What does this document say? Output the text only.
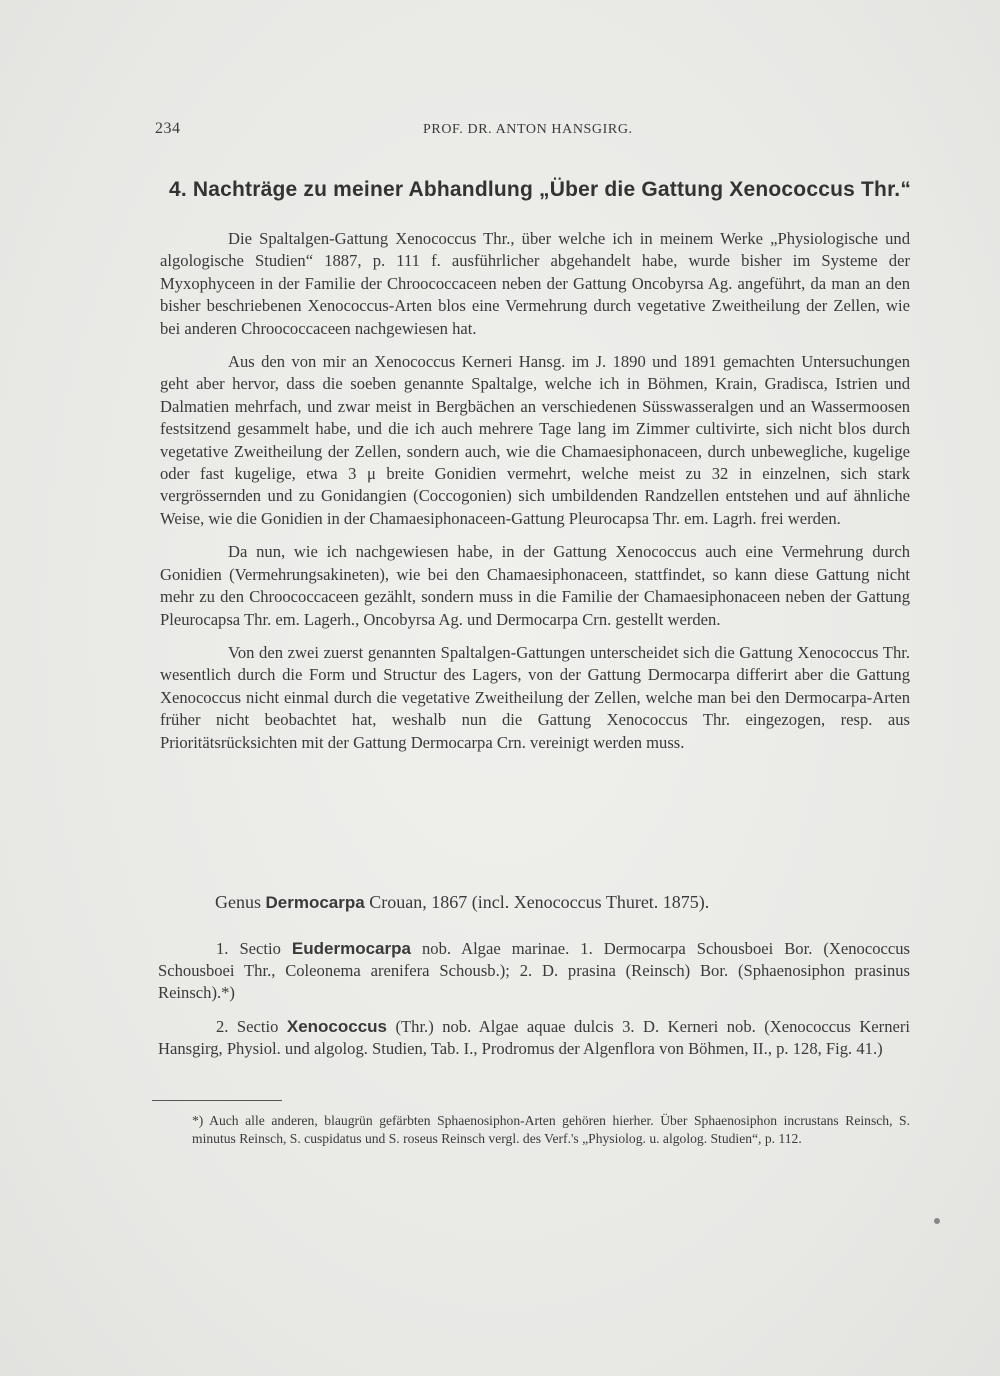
234	PROF. DR. ANTON HANSGIRG.
4. Nachträge zu meiner Abhandlung „Über die Gattung Xenococcus Thr.“

Die Spaltalgen-Gattung Xenococcus Thr., über welche ich in meinem Werke „Physiologische und algologische Studien“ 1887, p. 111 f. ausführlicher abgehandelt habe, wurde bisher im Systeme der Myxophyceen in der Familie der Chroococcaceen neben der Gattung Oncobyrsa Ag. angeführt, da man an den bisher beschriebenen Xenococcus-Arten blos eine Vermehrung durch vegetative Zweitheilung der Zellen, wie bei anderen Chroococcaceen nachgewiesen hat.

Aus den von mir an Xenococcus Kerneri Hansg. im J. 1890 und 1891 gemachten Untersuchungen geht aber hervor, dass die soeben genannte Spaltalge, welche ich in Böhmen, Krain, Gradisca, Istrien und Dalmatien mehrfach, und zwar meist in Bergbächen an verschiedenen Süsswasseralgen und an Wassermoosen festsitzend gesammelt habe, und die ich auch mehrere Tage lang im Zimmer cultivirte, sich nicht blos durch vegetative Zweitheilung der Zellen, sondern auch, wie die Chamaesiphonaceen, durch unbewegliche, kugelige oder fast kugelige, etwa 3 μ breite Gonidien vermehrt, welche meist zu 32 in einzelnen, sich stark vergrössernden und zu Gonidangien (Coccogonien) sich umbildenden Randzellen entstehen und auf ähnliche Weise, wie die Gonidien in der Chamaesiphonaceen-Gattung Pleurocapsa Thr. em. Lagrh. frei werden.

Da nun, wie ich nachgewiesen habe, in der Gattung Xenococcus auch eine Vermehrung durch Gonidien (Vermehrungsakineten), wie bei den Chamaesiphonaceen, stattfindet, so kann diese Gattung nicht mehr zu den Chroococcaceen gezählt, sondern muss in die Familie der Chamaesiphonaceen neben der Gattung Pleurocapsa Thr. em. Lagerh., Oncobyrsa Ag. und Dermocarpa Crn. gestellt werden.

Von den zwei zuerst genannten Spaltalgen-Gattungen unterscheidet sich die Gattung Xenococcus Thr. wesentlich durch die Form und Structur des Lagers, von der Gattung Dermocarpa differirt aber die Gattung Xenococcus nicht einmal durch die vegetative Zweitheilung der Zellen, welche man bei den Dermocarpa-Arten früher nicht beobachtet hat, weshalb nun die Gattung Xenococcus Thr. eingezogen, resp. aus Prioritätsrücksichten mit der Gattung Dermocarpa Crn. vereinigt werden muss.

Genus Dermocarpa Crouan, 1867 (incl. Xenococcus Thuret. 1875).
1. Sectio Eudermocarpa nob. Algae marinae. 1. Dermocarpa Schousboei Bor. (Xenococcus Schousboei Thr., Coleonema arenifera Schousb.); 2. D. prasina (Reinsch) Bor. (Sphaenosiphon prasinus Reinsch).*)
2. Sectio Xenococcus (Thr.) nob. Algae aquae dulcis 3. D. Kerneri nob. (Xenococcus Kerneri Hansgirg, Physiol. und algolog. Studien, Tab. I., Prodromus der Algenflora von Böhmen, II., p. 128, Fig. 41.)
*) Auch alle anderen, blaugrün gefärbten Sphaenosiphon-Arten gehören hierher. Über Sphaenosiphon incrustans Reinsch, S. minutus Reinsch, S. cuspidatus und S. roseus Reinsch vergl. des Verf.'s „Physiolog. u. algolog. Studien“, p. 112.
